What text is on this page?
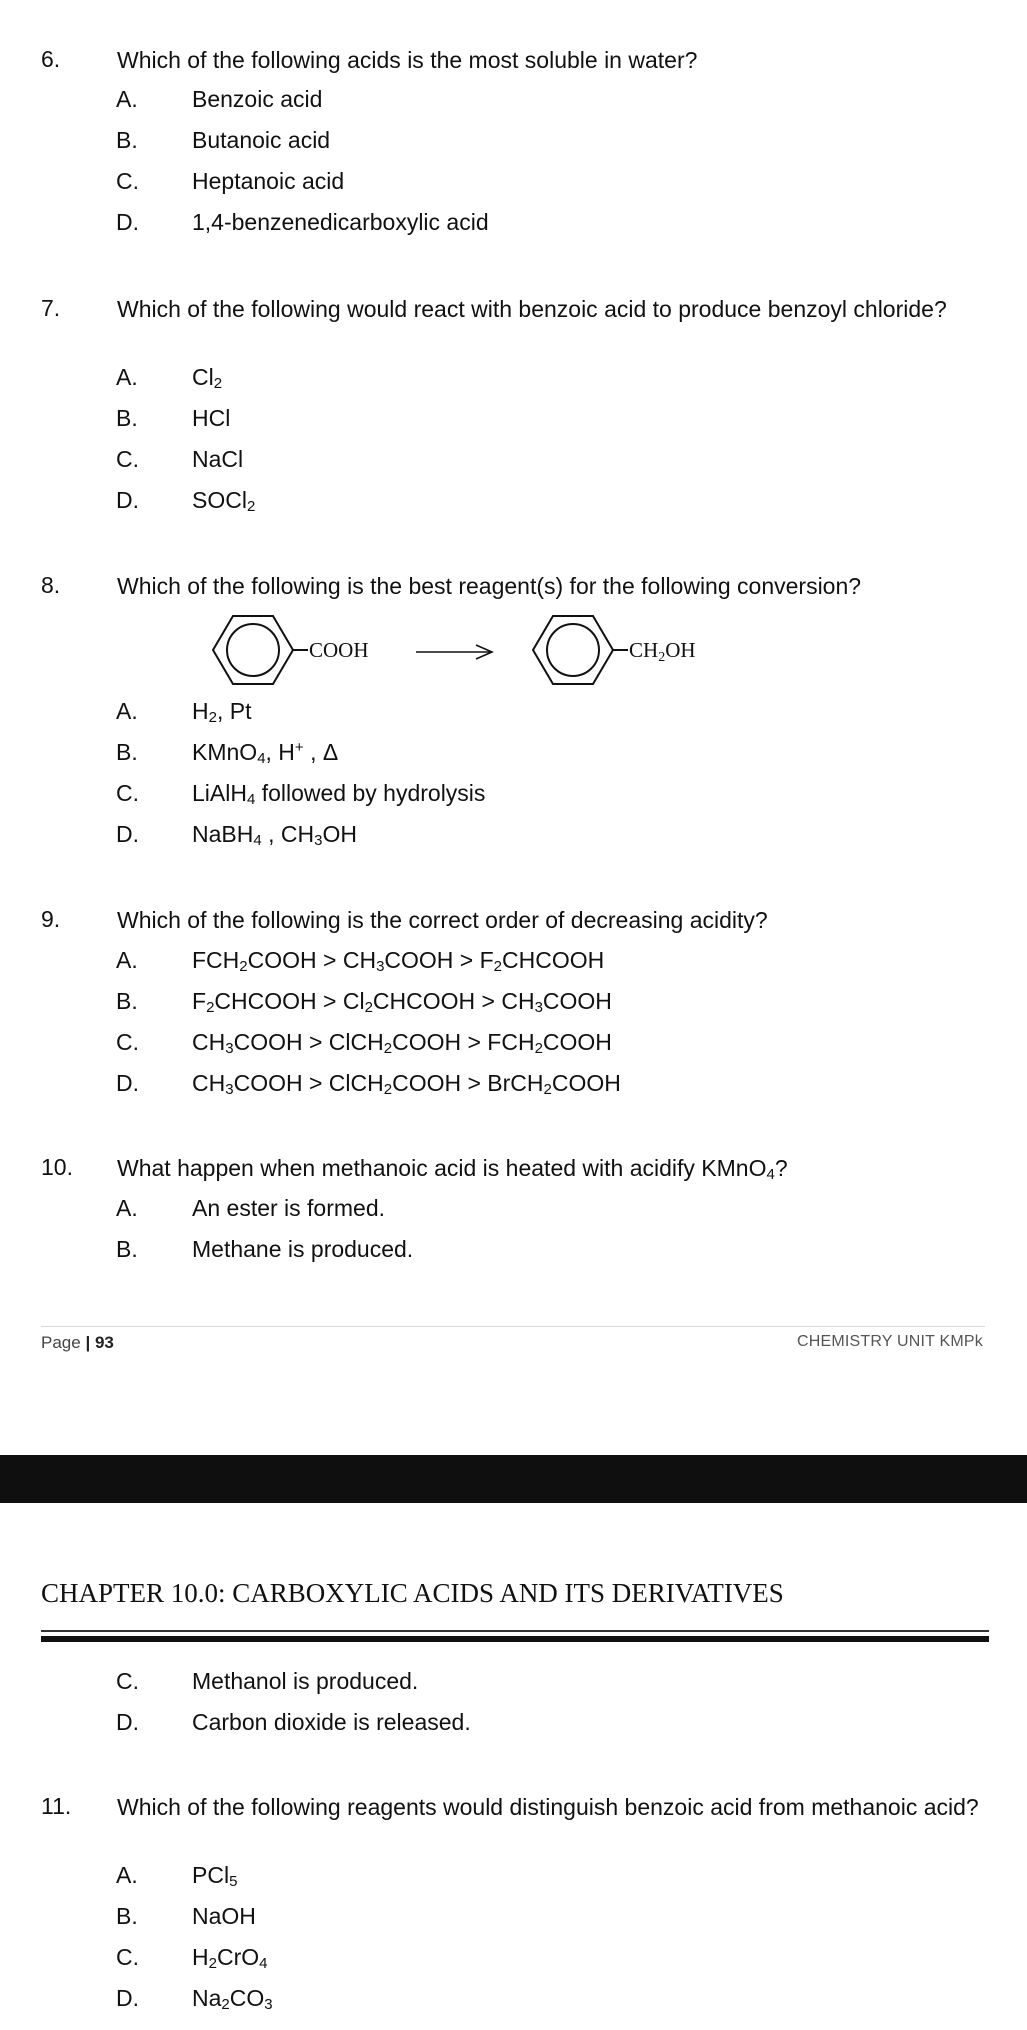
6. Which of the following acids is the most soluble in water?
A. Benzoic acid
B. Butanoic acid
C. Heptanoic acid
D. 1,4-benzenedicarboxylic acid
7. Which of the following would react with benzoic acid to produce benzoyl chloride?
A. $Cl_2$
B. HCl
C. NaCl
D. SOCl$_2$
8. Which of the following is the best reagent(s) for the following conversion?
COOH	CH2OH
A. $H_2$, Pt
B. KMnO$_4$, H+ , Δ
C. LiAlH$_4$ followed by hydrolysis
D. NaBH$_4$ , $CH_3OH$
9. Which of the following is the correct order of decreasing acidity?
A. $FCH_2COOH$ > $CH_3COOH$ > $F_2CHCOOH$
B. $F_2CHCOOH$ > $Cl_2CHCOOH$ > $CH_3COOH$
C. $CH_3COOH$ > ClCH$_2$COOH > $FCH_2COOH$
D. $CH_3COOH$ > ClCH$_2$COOH > BrCH$_2$COOH
10. What happen when methanoic acid is heated with acidify KMnO$_4$?
A. An ester is formed.
B. Methane is produced.
Page | 93	CHEMISTRY UNIT KMPk
CHAPTER 10.0: CARBOXYLIC ACIDS AND ITS DERIVATIVES
C. Methanol is produced.
D. Carbon dioxide is released.
11. Which of the following reagents would distinguish benzoic acid from methanoic acid?
A. PCl$_5$
B. NaOH
C. $H_2CrO_4$
D. $Na_2CO_3$
